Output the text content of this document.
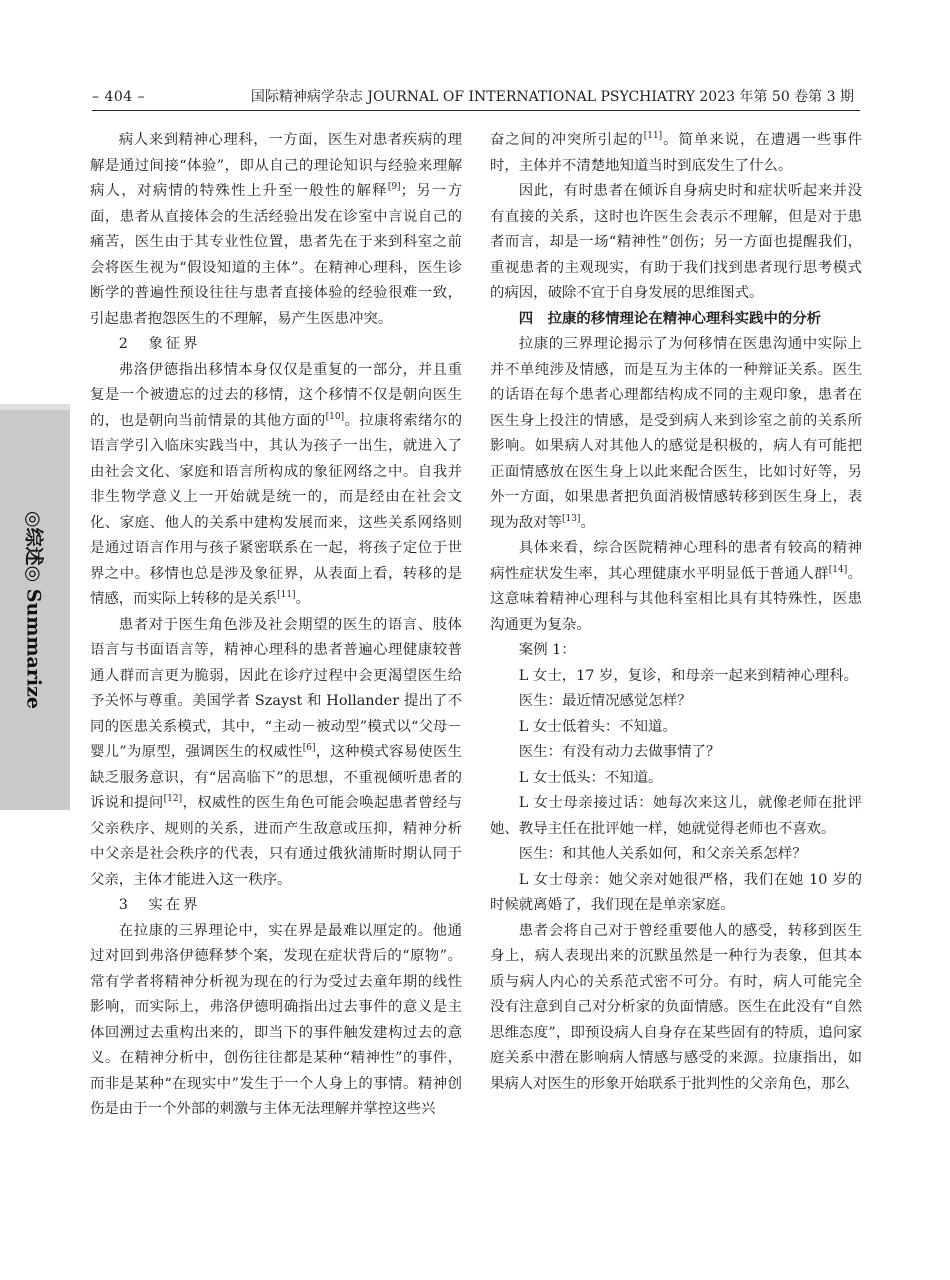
– 404 –	国际精神病学杂志 JOURNAL OF INTERNATIONAL PSYCHIATRY 2023 年第 50 卷第 3 期
◎综述◎ Summarize

病人来到精神心理科，一方面，医生对患者疾病的理解是通过间接“体验”，即从自己的理论知识与经验来理解病人，对病情的特殊性上升至一般性的解释[9]；另一方面，患者从直接体会的生活经验出发在诊室中言说自己的痛苦，医生由于其专业性位置，患者先在于来到科室之前会将医生视为“假设知道的主体”。在精神心理科，医生诊断学的普遍性预设往往与患者直接体验的经验很难一致，引起患者抱怨医生的不理解，易产生医患冲突。

2　象征界

弗洛伊德指出移情本身仅仅是重复的一部分，并且重复是一个被遗忘的过去的移情，这个移情不仅是朝向医生的，也是朝向当前情景的其他方面的[10]。拉康将索绪尔的语言学引入临床实践当中，其认为孩子一出生，就进入了由社会文化、家庭和语言所构成的象征网络之中。自我并非生物学意义上一开始就是统一的，而是经由在社会文化、家庭、他人的关系中建构发展而来，这些关系网络则是通过语言作用与孩子紧密联系在一起，将孩子定位于世界之中。移情也总是涉及象征界，从表面上看，转移的是情感，而实际上转移的是关系[11]。

患者对于医生角色涉及社会期望的医生的语言、肢体语言与书面语言等，精神心理科的患者普遍心理健康较普通人群而言更为脆弱，因此在诊疗过程中会更渴望医生给予关怀与尊重。美国学者 Szayst 和 Hollander 提出了不同的医患关系模式，其中，“主动－被动型”模式以“父母－婴儿”为原型，强调医生的权威性[6]，这种模式容易使医生缺乏服务意识，有“居高临下”的思想，不重视倾听患者的诉说和提问[12]，权威性的医生角色可能会唤起患者曾经与父亲秩序、规则的关系，进而产生敌意或压抑，精神分析中父亲是社会秩序的代表，只有通过俄狄浦斯时期认同于父亲，主体才能进入这一秩序。

3　实在界

在拉康的三界理论中，实在界是最难以厘定的。他通过对回到弗洛伊德释梦个案，发现在症状背后的“原物”。常有学者将精神分析视为现在的行为受过去童年期的线性影响，而实际上，弗洛伊德明确指出过去事件的意义是主体回溯过去重构出来的，即当下的事件触发建构过去的意义。在精神分析中，创伤往往都是某种“精神性”的事件，而非是某种“在现实中”发生于一个人身上的事情。精神创伤是由于一个外部的刺激与主体无法理解并掌控这些兴

奋之间的冲突所引起的[11]。简单来说，在遭遇一些事件时，主体并不清楚地知道当时到底发生了什么。

因此，有时患者在倾诉自身病史时和症状听起来并没有直接的关系，这时也许医生会表示不理解，但是对于患者而言，却是一场“精神性”创伤；另一方面也提醒我们，重视患者的主观现实，有助于我们找到患者现行思考模式的病因，破除不宜于自身发展的思维图式。

四　拉康的移情理论在精神心理科实践中的分析

拉康的三界理论揭示了为何移情在医患沟通中实际上并不单纯涉及情感，而是互为主体的一种辩证关系。医生的话语在每个患者心理都结构成不同的主观印象，患者在医生身上投注的情感，是受到病人来到诊室之前的关系所影响。如果病人对其他人的感觉是积极的，病人有可能把正面情感放在医生身上以此来配合医生，比如讨好等，另外一方面，如果患者把负面消极情感转移到医生身上，表现为敌对等[13]。

具体来看，综合医院精神心理科的患者有较高的精神病性症状发生率，其心理健康水平明显低于普通人群[14]。这意味着精神心理科与其他科室相比具有其特殊性，医患沟通更为复杂。

案例 1：

L 女士，17 岁，复诊，和母亲一起来到精神心理科。

医生：最近情况感觉怎样？

L 女士低着头：不知道。

医生：有没有动力去做事情了？

L 女士低头：不知道。

L 女士母亲接过话：她每次来这儿，就像老师在批评她、教导主任在批评她一样，她就觉得老师也不喜欢。

医生：和其他人关系如何，和父亲关系怎样？

L 女士母亲：她父亲对她很严格，我们在她 10 岁的时候就离婚了，我们现在是单亲家庭。

患者会将自己对于曾经重要他人的感受，转移到医生身上，病人表现出来的沉默虽然是一种行为表象，但其本质与病人内心的关系范式密不可分。有时，病人可能完全没有注意到自己对分析家的负面情感。医生在此没有“自然思维态度”，即预设病人自身存在某些固有的特质，追问家庭关系中潜在影响病人情感与感受的来源。拉康指出，如果病人对医生的形象开始联系于批判性的父亲角色，那么
